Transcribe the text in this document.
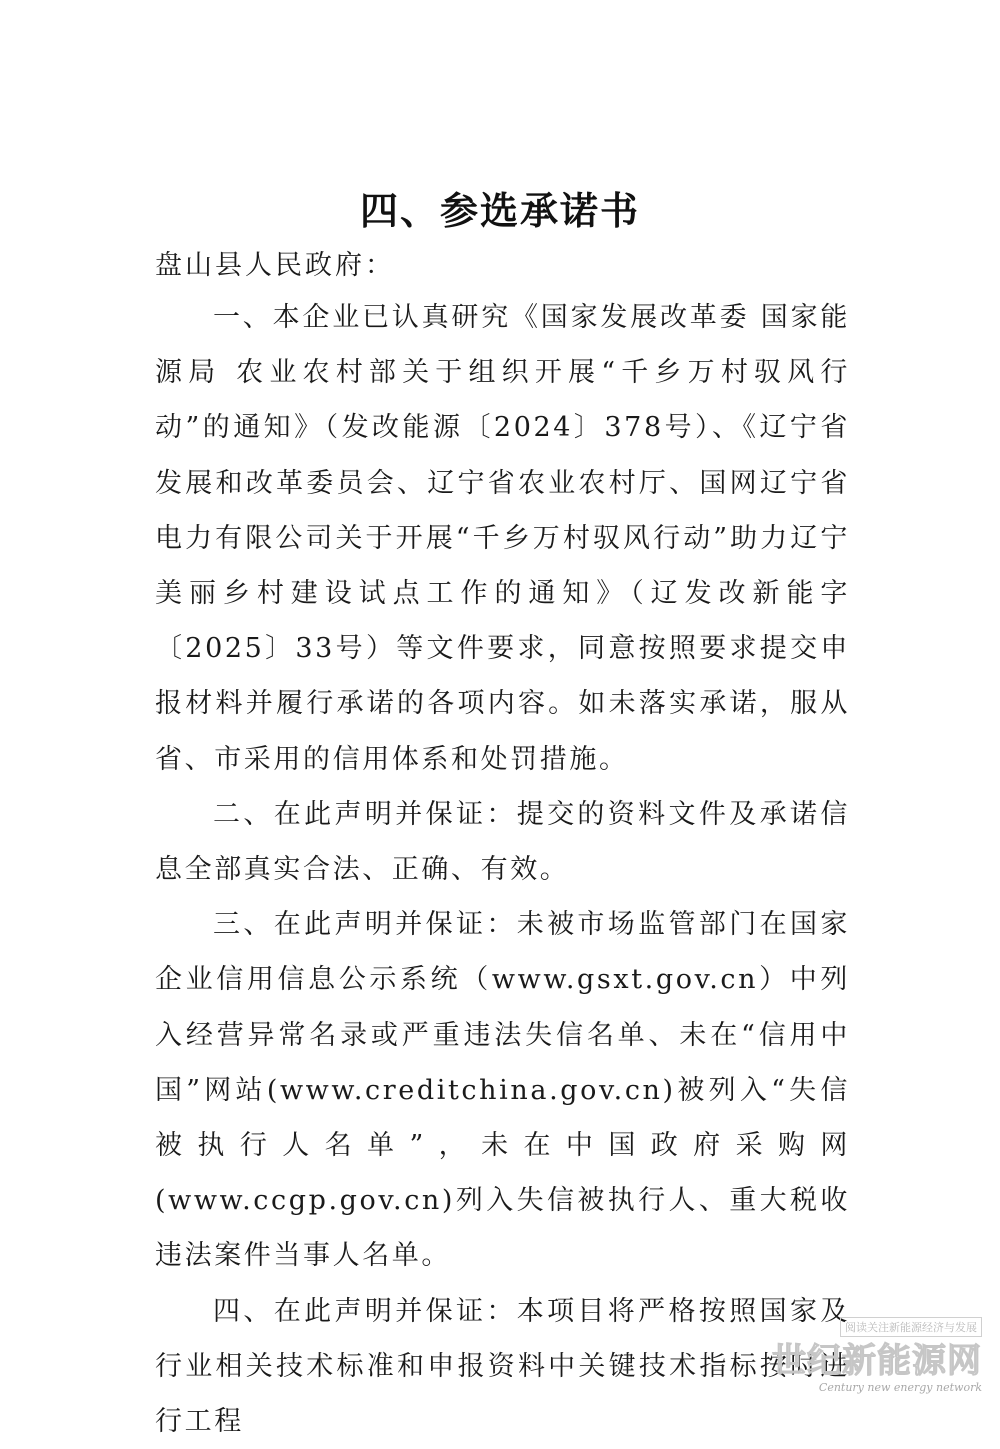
四、参选承诺书
盘山县人民政府：

一、本企业已认真研究《国家发展改革委 国家能源局 农业农村部关于组织开展“千乡万村驭风行动”的通知》（发改能源〔2024〕378号）、《辽宁省发展和改革委员会、辽宁省农业农村厅、国网辽宁省电力有限公司关于开展“千乡万村驭风行动”助力辽宁美丽乡村建设试点工作的通知》（辽发改新能字〔2025〕33号）等文件要求，同意按照要求提交申报材料并履行承诺的各项内容。如未落实承诺，服从省、市采用的信用体系和处罚措施。

二、在此声明并保证：提交的资料文件及承诺信息全部真实合法、正确、有效。

三、在此声明并保证：未被市场监管部门在国家企业信用信息公示系统（www.gsxt.gov.cn）中列入经营异常名录或严重违法失信名单、未在“信用中国”网站(www.creditchina.gov.cn)被列入“失信被执行人名单”，未在中国政府采购网(www.ccgp.gov.cn)列入失信被执行人、重大税收违法案件当事人名单。

四、在此声明并保证：本项目将严格按照国家及行业相关技术标准和申报资料中关键技术指标按时进行工程

阅读关注新能源经济与发展
世纪新能源网
Century new energy network
